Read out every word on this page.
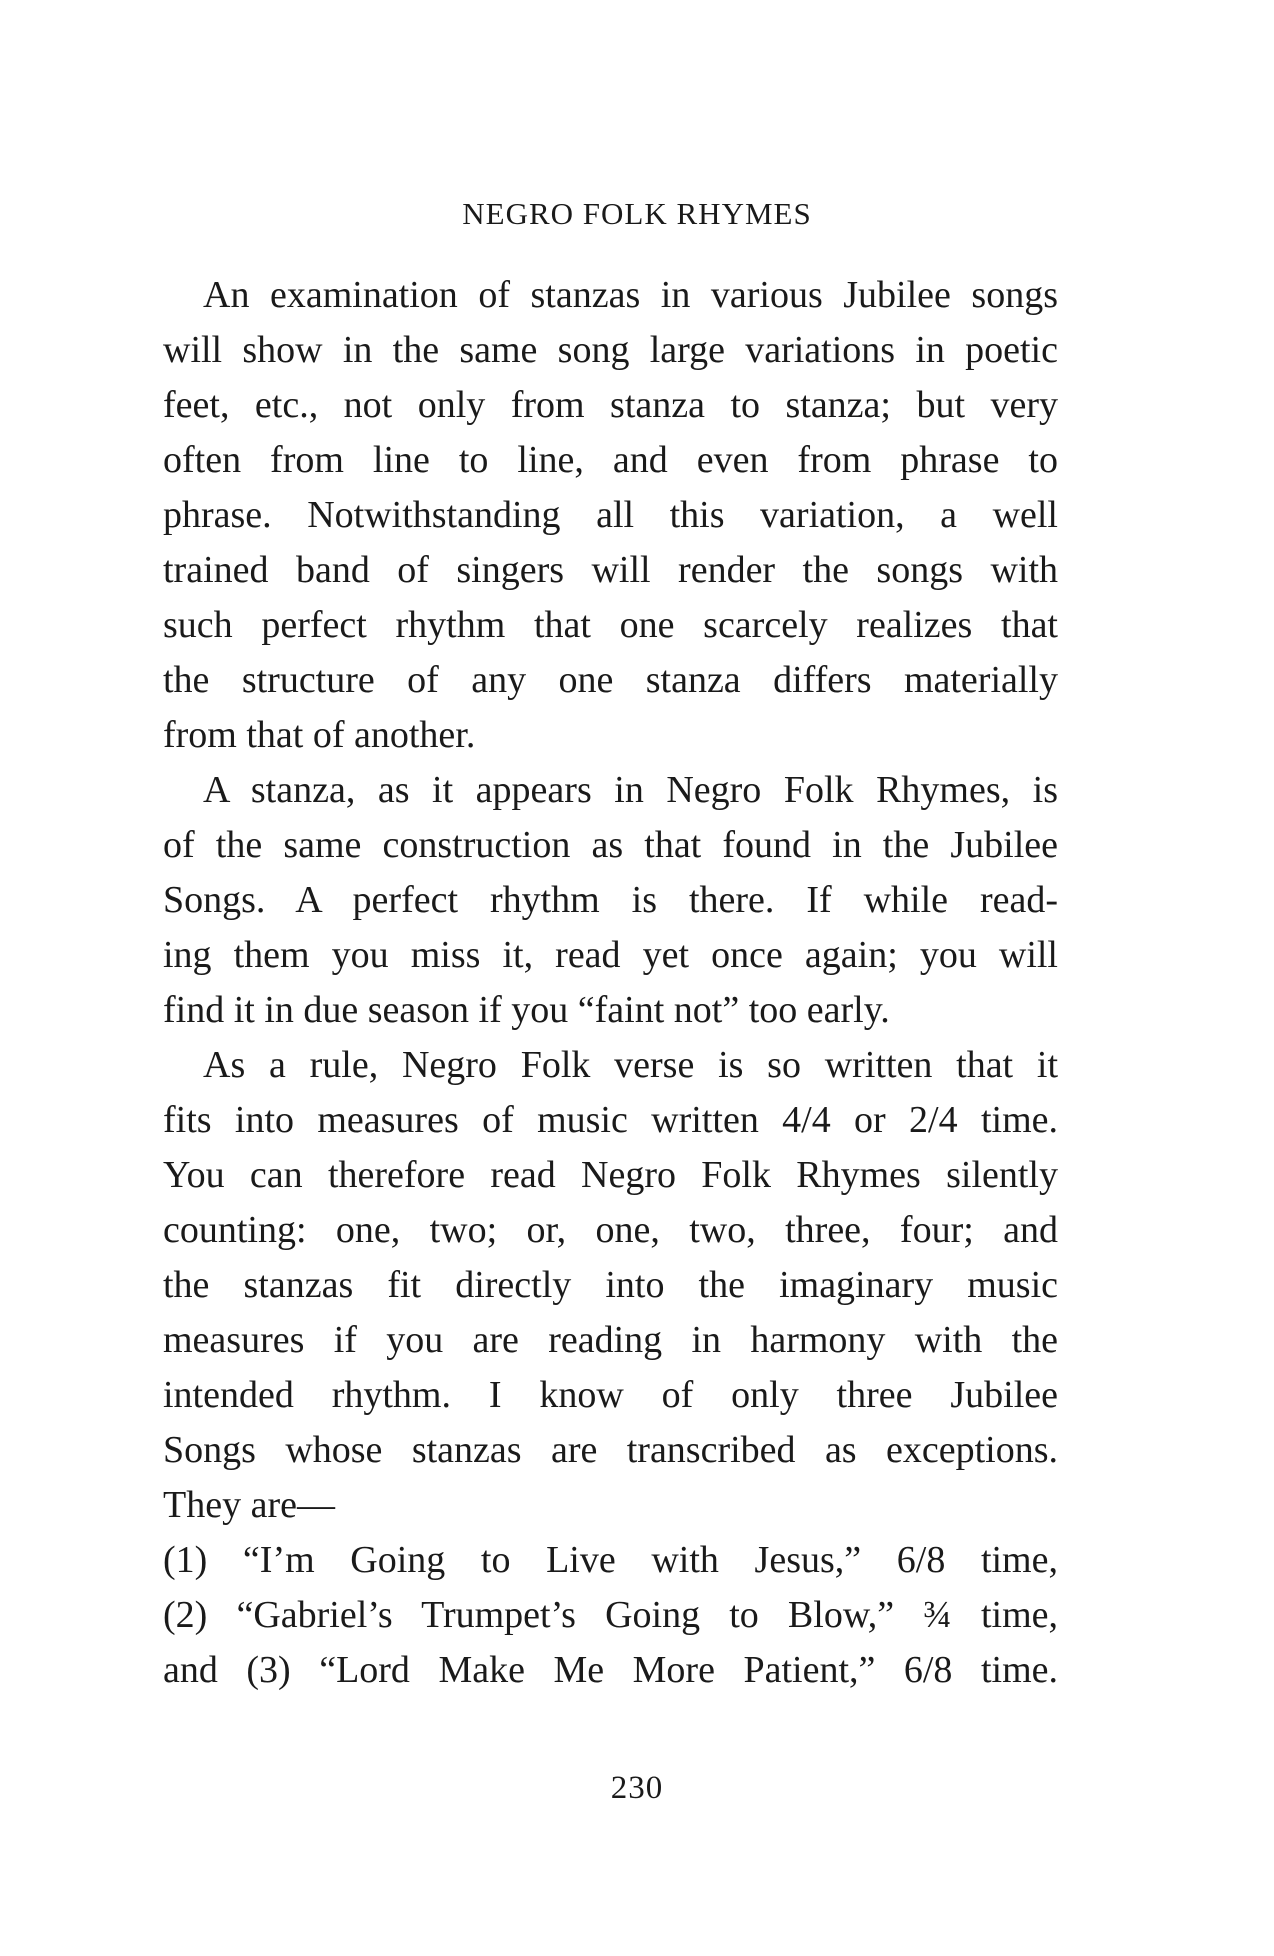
NEGRO FOLK RHYMES

An examination of stanzas in various Jubilee songs
will show in the same song large variations in poetic
feet, etc., not only from stanza to stanza; but very
often from line to line, and even from phrase to
phrase. Notwithstanding all this variation, a well
trained band of singers will render the songs with
such perfect rhythm that one scarcely realizes that
the structure of any one stanza differs materially
from that of another.

A stanza, as it appears in Negro Folk Rhymes, is
of the same construction as that found in the Jubilee
Songs. A perfect rhythm is there. If while read-
ing them you miss it, read yet once again; you will
find it in due season if you “faint not” too early.

As a rule, Negro Folk verse is so written that it
fits into measures of music written 4/4 or 2/4 time.
You can therefore read Negro Folk Rhymes silently
counting: one, two; or, one, two, three, four; and
the stanzas fit directly into the imaginary music
measures if you are reading in harmony with the
intended rhythm. I know of only three Jubilee
Songs whose stanzas are transcribed as exceptions.
They are—

(1) “I’m Going to Live with Jesus,” 6/8 time,
(2) “Gabriel’s Trumpet’s Going to Blow,” ¾ time,
and (3) “Lord Make Me More Patient,” 6/8 time.

230
